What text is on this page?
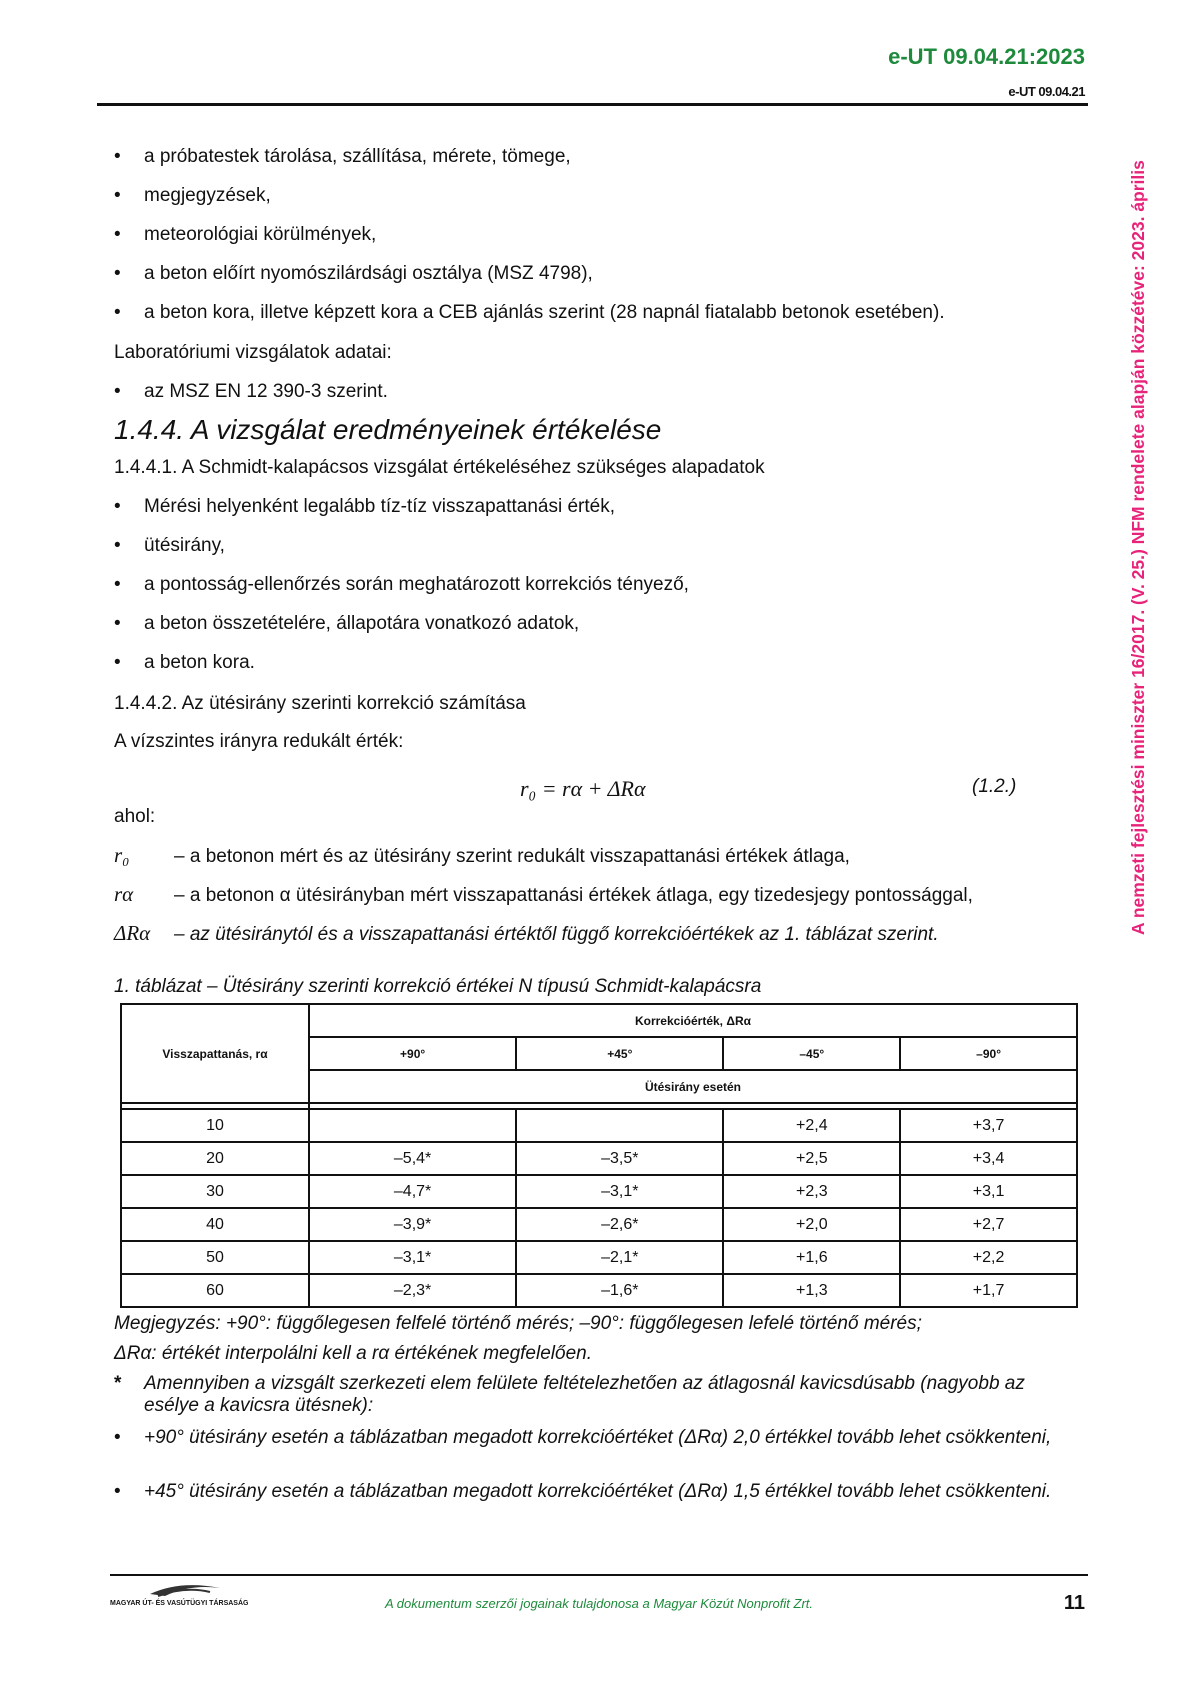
e-UT 09.04.21:2023
e-UT 09.04.21
A nemzeti fejlesztési miniszter 16/2017. (V. 25.) NFM rendelete alapján közzétéve: 2023. április
• a próbatestek tárolása, szállítása, mérete, tömege,
• megjegyzések,
• meteorológiai körülmények,
• a beton előírt nyomószilárdsági osztálya (MSZ 4798),
• a beton kora, illetve képzett kora a CEB ajánlás szerint (28 napnál fiatalabb betonok esetében).
Laboratóriumi vizsgálatok adatai:
• az MSZ EN 12 390-3 szerint.
1.4.4. A vizsgálat eredményeinek értékelése
1.4.4.1. A Schmidt-kalapácsos vizsgálat értékeléséhez szükséges alapadatok
• Mérési helyenként legalább tíz-tíz visszapattanási érték,
• ütésirány,
• a pontosság-ellenőrzés során meghatározott korrekciós tényező,
• a beton összetételére, állapotára vonatkozó adatok,
• a beton kora.
1.4.4.2. Az ütésirány szerinti korrekció számítása
A vízszintes irányra redukált érték:
r₀ = rα + ΔRα	(1.2.)
ahol:
r₀ – a betonon mért és az ütésirány szerint redukált visszapattanási értékek átlaga,
rα – a betonon α ütésirányban mért visszapattanási értékek átlaga, egy tizedesjegy pontossággal,
ΔRα – az ütésiránytól és a visszapattanási értéktől függő korrekcióértékek az 1. táblázat szerint.
1. táblázat – Ütésirány szerinti korrekció értékei N típusú Schmidt-kalapácsra
Visszapattanás, rα	Korrekcióérték, ΔRα			
	+90°	+45°	–45°	–90°
	Ütésirány esetén			

10			+2,4	+3,7
20	–5,4*	–3,5*	+2,5	+3,4
30	–4,7*	–3,1*	+2,3	+3,1
40	–3,9*	–2,6*	+2,0	+2,7
50	–3,1*	–2,1*	+1,6	+2,2
60	–2,3*	–1,6*	+1,3	+1,7
Megjegyzés: +90°: függőlegesen felfelé történő mérés; –90°: függőlegesen lefelé történő mérés;
ΔRα: értékét interpolálni kell a rα értékének megfelelően.
*	Amennyiben a vizsgált szerkezeti elem felülete feltételezhetően az átlagosnál kavicsdúsabb (nagyobb az esélye a kavicsra ütésnek):
•	+90° ütésirány esetén a táblázatban megadott korrekcióértéket (ΔRα) 2,0 értékkel tovább lehet csökkenteni,
•	+45° ütésirány esetén a táblázatban megadott korrekcióértéket (ΔRα) 1,5 értékkel tovább lehet csökkenteni.
MAGYAR ÚT- ÉS VASÚTÜGYI TÁRSASÁG	A dokumentum szerzői jogainak tulajdonosa a Magyar Közút Nonprofit Zrt.	11
